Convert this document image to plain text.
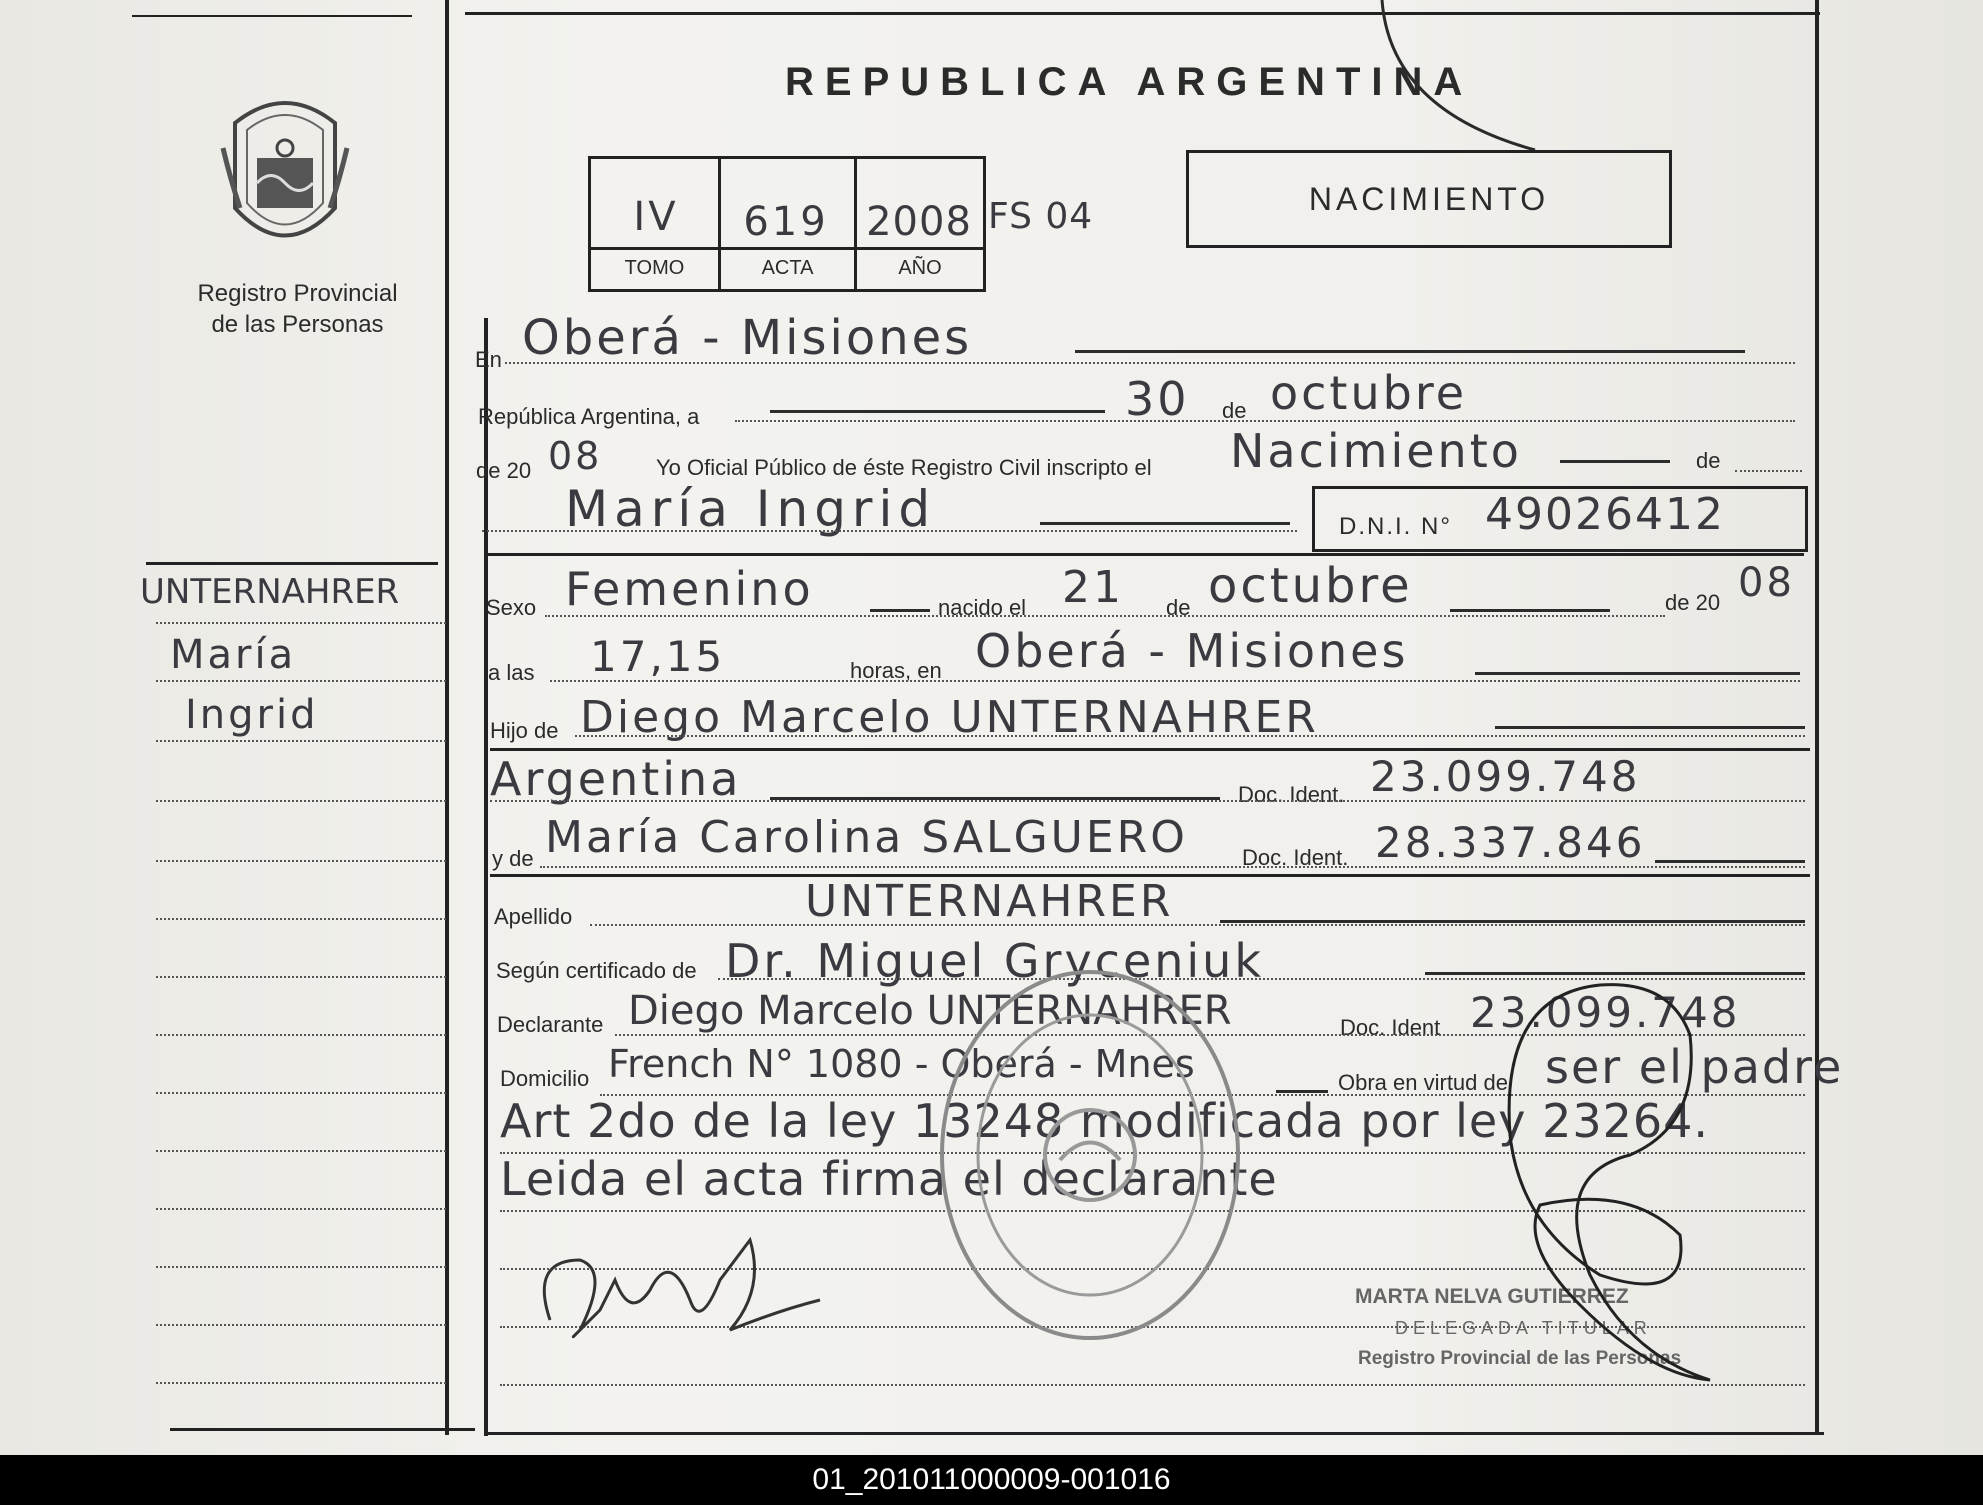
Registro Provincial
de las Personas
UNTERNAHRER
María
Ingrid
REPUBLICA ARGENTINA
IV	619 2008
TOMO	ACTA	AÑO
FS 04	NACIMIENTO
En Oberá - Misiones
República Argentina, a	30 de octubre
de 20 08 Yo Oficial Público de éste Registro Civil inscripto el Nacimiento	de
María Ingrid	D.N.I. N° 49026412
Sexo Femenino	nacido el 21 de octubre	de 20 08
a las 17,15	horas, en Oberá - Misiones
Hijo de Diego Marcelo UNTERNAHRER
Argentina	Doc. Ident. 23.099.748
y de María Carolina SALGUERO Doc. Ident. 28.337.846
Apellido	UNTERNAHRER
Según certificado de Dr. Miguel Gryceniuk
Declarante Diego Marcelo UNTERNAHRER	Doc. Ident 23.099.748
Domicilio French N° 1080 - Oberá - Mnes	Obra en virtud de ser el padre
Art 2do de la ley 13248 modificada por ley 23264.
Leida el acta firma el declarante
MARTA NELVA GUTIERREZ
DELEGADA TITULAR
Registro Provincial de las Personas
01_201011000009-001016
